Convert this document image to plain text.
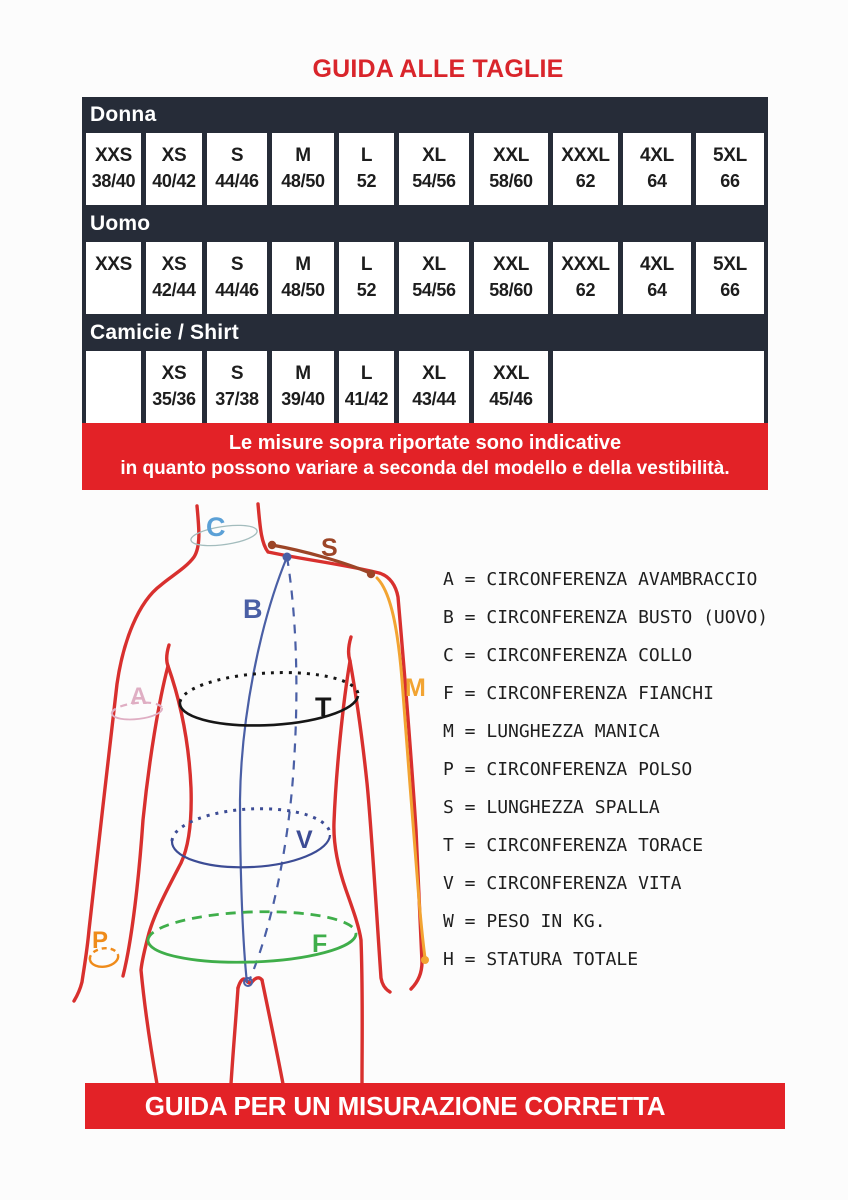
GUIDA ALLE TAGLIE
Donna
XXS
38/40
XS
40/42
S
44/46
M
48/50
L
52
XL
54/56
XXL
58/60
XXXL
62
4XL
64
5XL
66
Uomo
XXS	XS
42/44
S
44/46
M
48/50
L
52
XL
54/56
XXL
58/60
XXXL
62
4XL
64
5XL
66
Camicie / Shirt
XS
35/36
S
37/38
M
39/40
L
41/42
XL
43/44
XXL
45/46
Le misure sopra riportate sono indicative
in quanto possono variare a seconda del modello e della vestibilità.
C
S
B
A	M
T
V
F
P
A = CIRCONFERENZA AVAMBRACCIO
B = CIRCONFERENZA BUSTO (UOVO)
C = CIRCONFERENZA COLLO
F = CIRCONFERENZA FIANCHI
M = LUNGHEZZA MANICA
P = CIRCONFERENZA POLSO
S = LUNGHEZZA SPALLA
T = CIRCONFERENZA TORACE
V = CIRCONFERENZA VITA
W = PESO IN KG.
H = STATURA TOTALE
GUIDA PER UN MISURAZIONE CORRETTA
